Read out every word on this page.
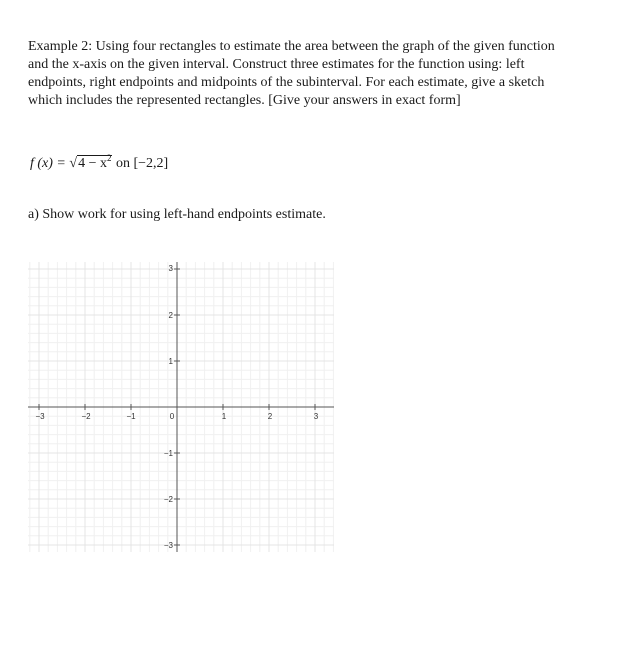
Example 2: Using four rectangles to estimate the area between the graph of the given function
and the x-axis on the given interval. Construct three estimates for the function using: left
endpoints, right endpoints and midpoints of the subinterval. For each estimate, give a sketch
which includes the represented rectangles. [Give your answers in exact form]
f $(x) = √4 - x^2$ on [−2,2]
a) Show work for using left-hand endpoints estimate.
−3	−2	−1	0	1	2	3
3
2
1
−1
−2
−3
